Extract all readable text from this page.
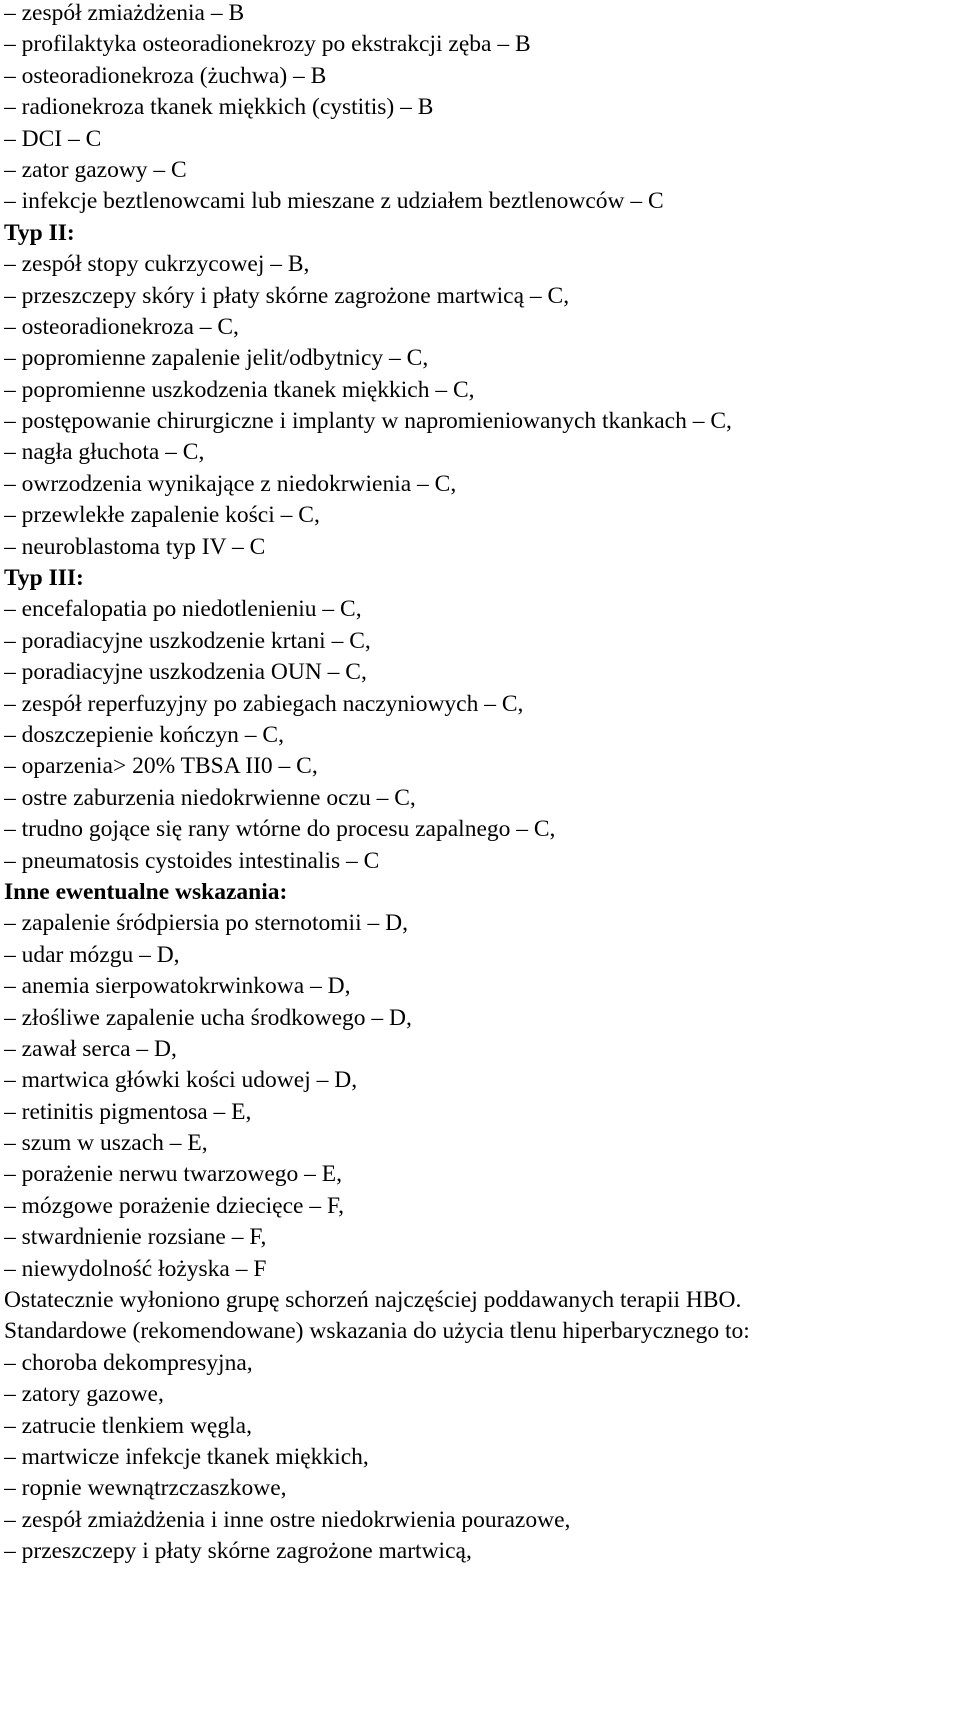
– zespół zmiażdżenia – B
– profilaktyka osteoradionekrozy po ekstrakcji zęba – B
– osteoradionekroza (żuchwa) – B
– radionekroza tkanek miękkich (cystitis) – B
– DCI – C
– zator gazowy – C
– infekcje beztlenowcami lub mieszane z udziałem beztlenowców – C
Typ II:
– zespół stopy cukrzycowej – B,
– przeszczepy skóry i płaty skórne zagrożone martwicą – C,
– osteoradionekroza – C,
– popromienne zapalenie jelit/odbytnicy – C,
– popromienne uszkodzenia tkanek miękkich – C,
– postępowanie chirurgiczne i implanty w napromieniowanych tkankach – C,
– nagła głuchota – C,
– owrzodzenia wynikające z niedokrwienia – C,
– przewlekłe zapalenie kości – C,
– neuroblastoma typ IV – C
Typ III:
– encefalopatia po niedotlenieniu – C,
– poradiacyjne uszkodzenie krtani – C,
– poradiacyjne uszkodzenia OUN – C,
– zespół reperfuzyjny po zabiegach naczyniowych – C,
– doszczepienie kończyn – C,
– oparzenia> 20% TBSA II0 – C,
– ostre zaburzenia niedokrwienne oczu – C,
– trudno gojące się rany wtórne do procesu zapalnego – C,
– pneumatosis cystoides intestinalis – C
Inne ewentualne wskazania:
– zapalenie śródpiersia po sternotomii – D,
– udar mózgu – D,
– anemia sierpowatokrwinkowa – D,
– złośliwe zapalenie ucha środkowego – D,
– zawał serca – D,
– martwica główki kości udowej – D,
– retinitis pigmentosa – E,
– szum w uszach – E,
– porażenie nerwu twarzowego – E,
– mózgowe porażenie dziecięce – F,
– stwardnienie rozsiane – F,
– niewydolność łożyska – F
Ostatecznie wyłoniono grupę schorzeń najczęściej poddawanych terapii HBO.
Standardowe (rekomendowane) wskazania do użycia tlenu hiperbarycznego to:
– choroba dekompresyjna,
– zatory gazowe,
– zatrucie tlenkiem węgla,
– martwicze infekcje tkanek miękkich,
– ropnie wewnątrzczaszkowe,
– zespół zmiażdżenia i inne ostre niedokrwienia pourazowe,
– przeszczepy i płaty skórne zagrożone martwicą,
